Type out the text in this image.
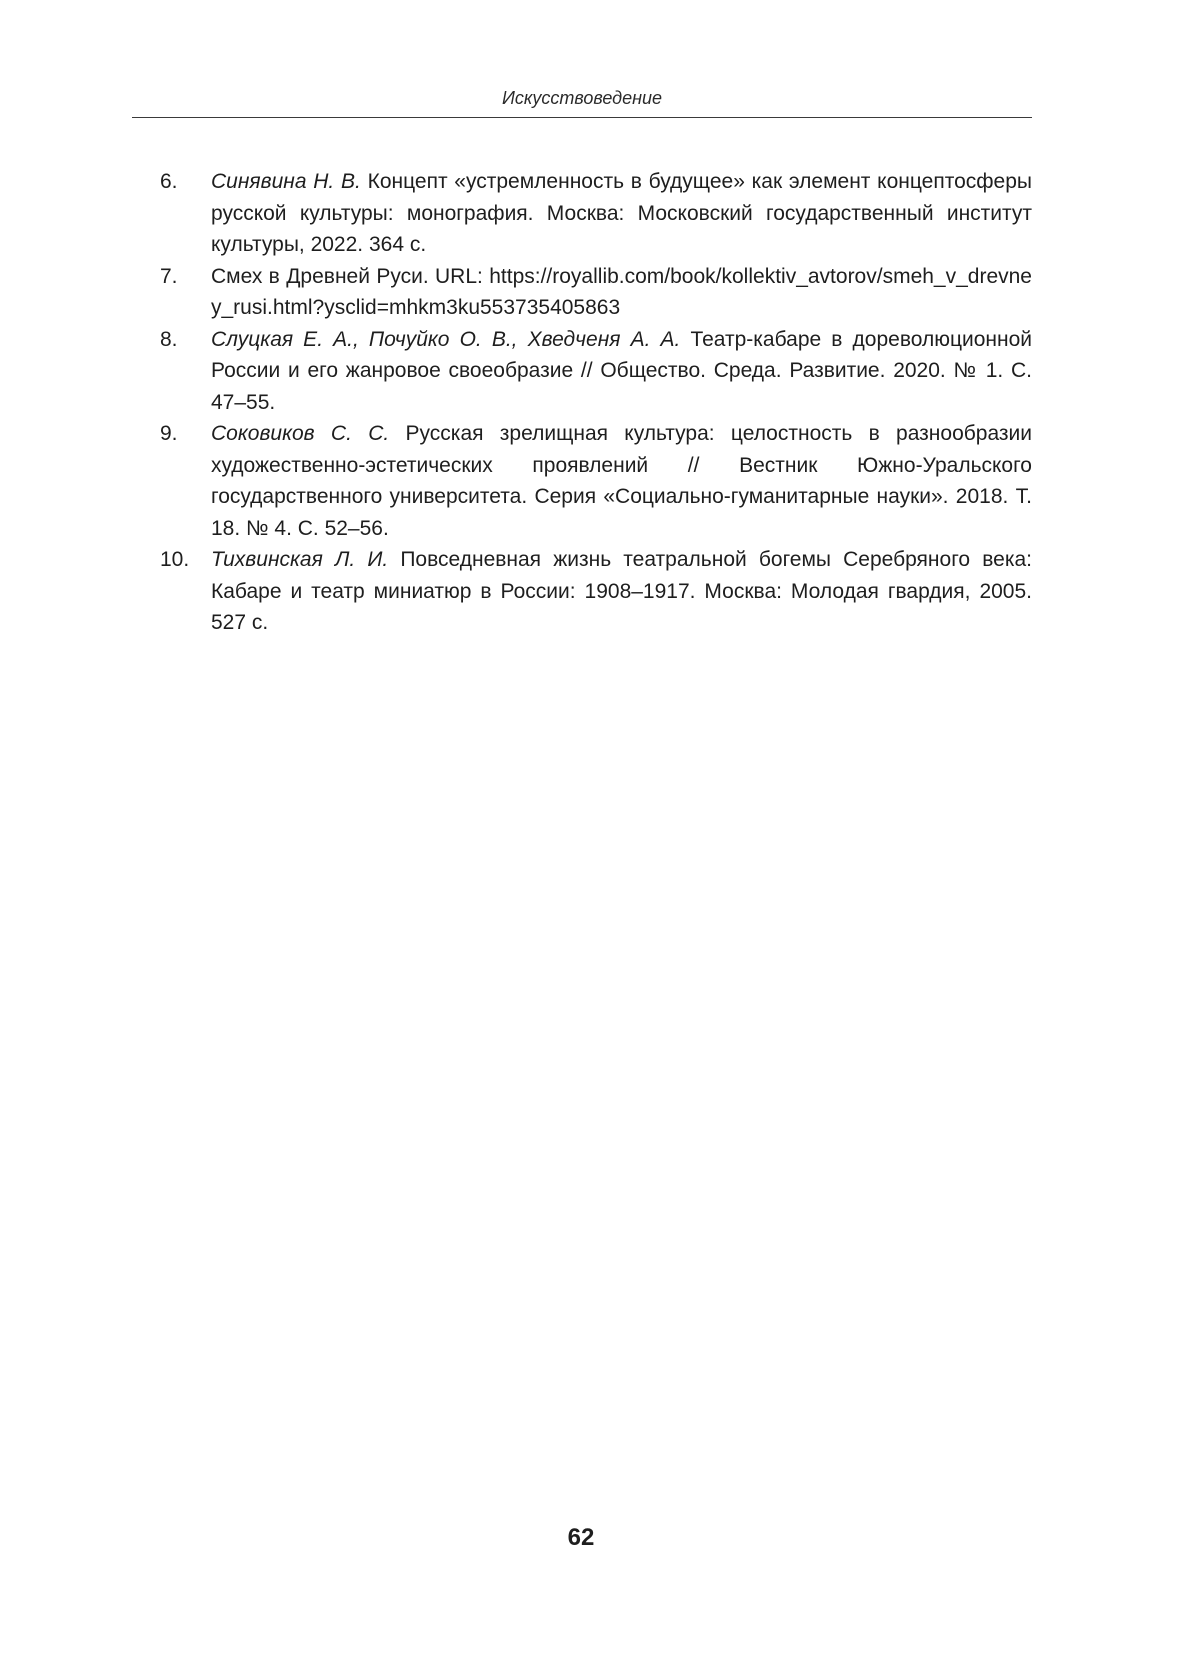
Искусствоведение
6. Синявина Н. В. Концепт «устремленность в будущее» как элемент концептосферы русской культуры: монография. Москва: Московский государственный институт культуры, 2022. 364 с.
7. Смех в Древней Руси. URL: https://royallib.com/book/kollektiv_avtorov/smeh_v_drevney_rusi.html?ysclid=mhkm3ku553735405863
8. Слуцкая Е. А., Почуйко О. В., Хведченя А. А. Театр-кабаре в дореволюционной России и его жанровое своеобразие // Общество. Среда. Развитие. 2020. № 1. С. 47–55.
9. Соковиков С. С. Русская зрелищная культура: целостность в разнообразии художественно-эстетических проявлений // Вестник Южно-Уральского государственного университета. Серия «Социально-гуманитарные науки». 2018. Т. 18. № 4. С. 52–56.
10. Тихвинская Л. И. Повседневная жизнь театральной богемы Серебряного века: Кабаре и театр миниатюр в России: 1908–1917. Москва: Молодая гвардия, 2005. 527 с.
62
